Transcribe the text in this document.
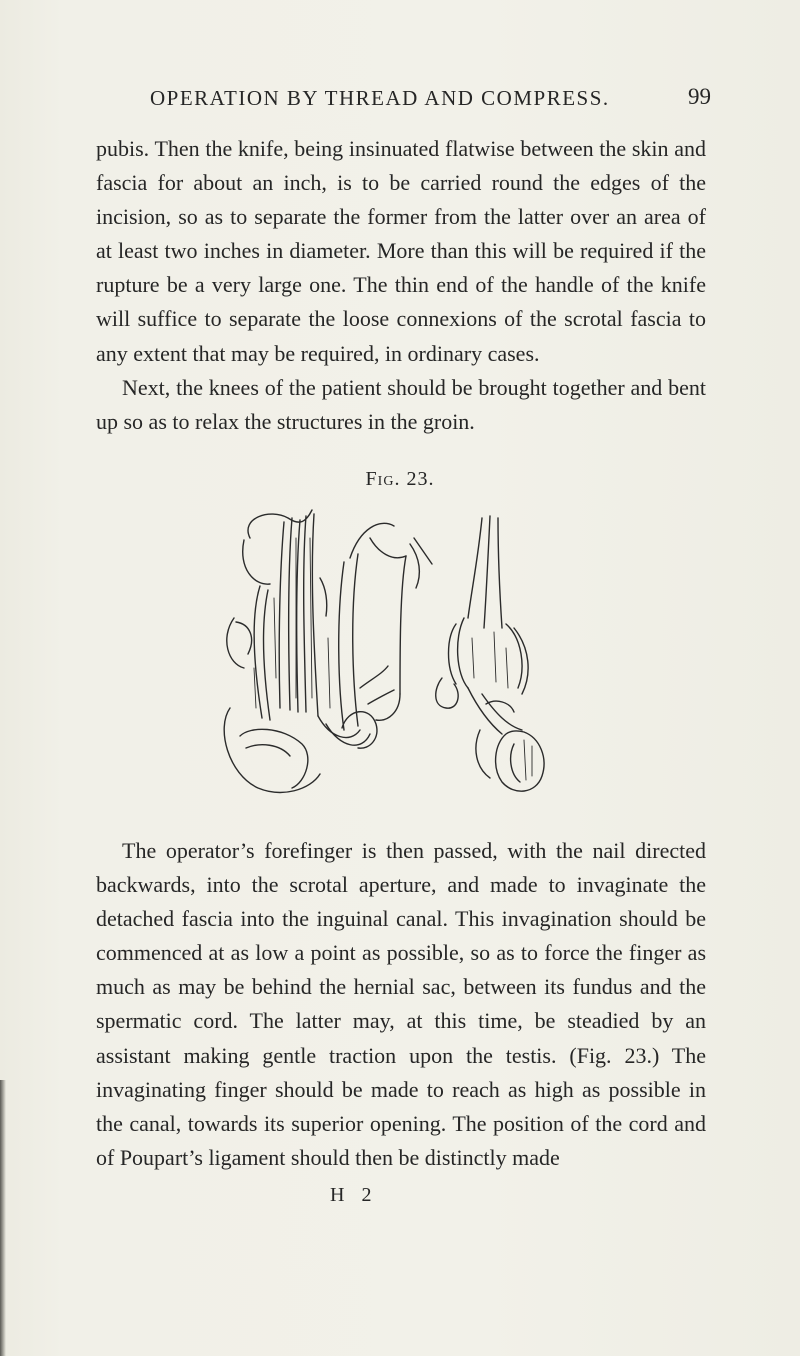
OPERATION BY THREAD AND COMPRESS.	99

pubis. Then the knife, being insinuated flatwise between the skin and fascia for about an inch, is to be carried round the edges of the incision, so as to separate the former from the latter over an area of at least two inches in diameter. More than this will be required if the rupture be a very large one. The thin end of the handle of the knife will suffice to separate the loose connexions of the scrotal fascia to any extent that may be required, in ordinary cases.

Next, the knees of the patient should be brought together and bent up so as to relax the structures in the groin.

Fig. 23.

The operator’s forefinger is then passed, with the nail directed backwards, into the scrotal aperture, and made to invaginate the detached fascia into the inguinal canal. This invagination should be commenced at as low a point as possible, so as to force the finger as much as may be behind the hernial sac, between its fundus and the spermatic cord. The latter may, at this time, be steadied by an assistant making gentle traction upon the testis. (Fig. 23.) The invaginating finger should be made to reach as high as possible in the canal, towards its superior opening. The position of the cord and of Poupart’s ligament should then be distinctly made

H 2
